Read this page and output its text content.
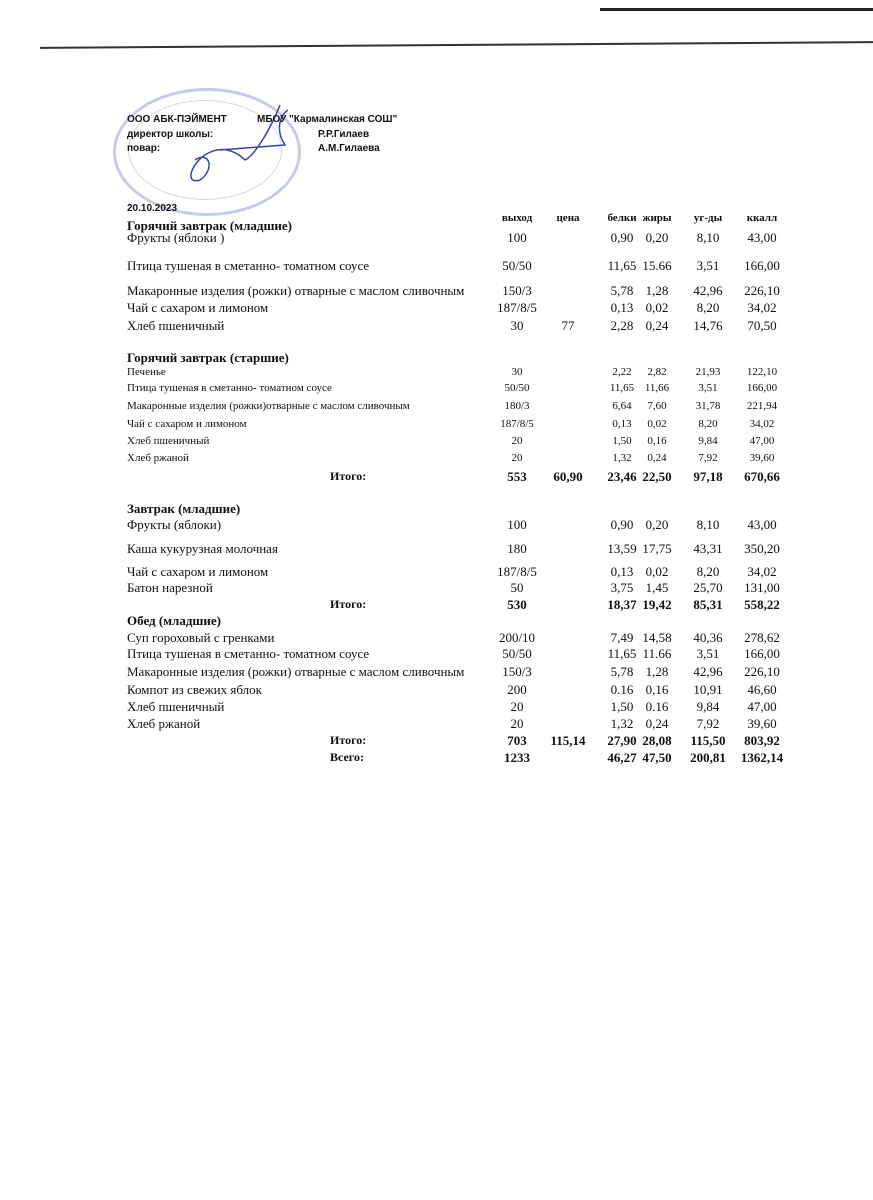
ООО АБК-ПЭЙМЕНТ	МБОУ "Кармалинская СОШ"
директор школы:	Р.Р.Гилаев
повар:	А.М.Гилаева
20.10.2023
выход цена	белки жиры уг-ды ккалл
Горячий завтрак (младшие)
Фрукты (яблоки )	100	0,90 0,20 8,10 43,00
Птица тушеная в сметанно- томатном соусе	50/50	11,65 15.66 3,51 166,00
Макаронные изделия (рожки) отварные с маслом сливочным	150/3	5,78 1,28 42,96 226,10
Чай с сахаром и лимоном	187/8/5	0,13 0,02 8,20 34,02
Хлеб пшеничный	30	77	2,28 0,24 14,76 70,50
Горячий завтрак (старшие)
Печенье	30	2,22 2,82	21,93 122,10
Птица тушеная в сметанно- томатном соусе	50/50	11,65 11,66	3,51	166,00
Макаронные изделия (рожки)отварные с маслом сливочным	180/3	6,64 7,60	31,78 221,94
Чай с сахаром и лимоном	187/8/5	0,13 0,02	8,20	34,02
Хлеб пшеничный	20	1,50 0,16	9,84	47,00
Хлеб ржаной	20	1,32 0,24	7,92	39,60
Итого:	553 60,90 23,46 22,50 97,18 670,66
Завтрак (младшие)
Фрукты (яблоки)	100	0,90 0,20 8,10 43,00
Каша кукурузная молочная	180	13,59 17,75 43,31 350,20
Чай с сахаром и лимоном	187/8/5	0,13 0,02 8,20 34,02
Батон нарезной	50	3,75 1,45 25,70 131,00
Итого:	530	18,37 19,42 85,31 558,22
Обед (младшие)
Суп гороховый с гренками	200/10	7,49 14,58 40,36 278,62
Птица тушеная в сметанно- томатном соусе	50/50	11,65 11.66 3,51 166,00
Макаронные изделия (рожки) отварные с маслом сливочным	150/3	5,78 1,28 42,96 226,10
Компот из свежих яблок	200	0.16 0,16 10,91 46,60
Хлеб пшеничный	20	1,50 0.16 9,84 47,00
Хлеб ржаной	20	1,32 0,24 7,92 39,60
Итого:	703 115,14 27,90 28,08 115,50 803,92
Всего:	1233	46,27 47,50 200,81 1362,14
